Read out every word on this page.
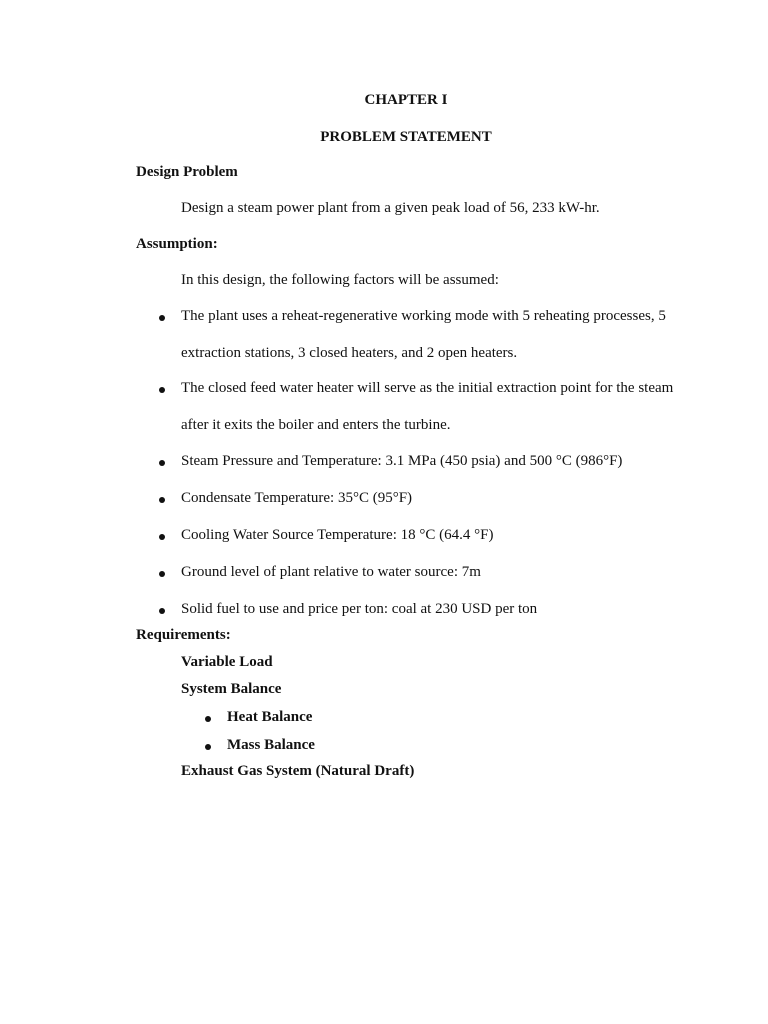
CHAPTER I
PROBLEM STATEMENT
Design Problem
Design a steam power plant from a given peak load of 56, 233 kW-hr.
Assumption:
In this design, the following factors will be assumed:
The plant uses a reheat-regenerative working mode with 5 reheating processes, 5
extraction stations, 3 closed heaters, and 2 open heaters.
The closed feed water heater will serve as the initial extraction point for the steam
after it exits the boiler and enters the turbine.
Steam Pressure and Temperature: 3.1 MPa (450 psia) and 500 °C (986°F)
Condensate Temperature: 35°C (95°F)
Cooling Water Source Temperature: 18 °C (64.4 °F)
Ground level of plant relative to water source: 7m
Solid fuel to use and price per ton: coal at 230 USD per ton
Requirements:
Variable Load
System Balance
Heat Balance
Mass Balance
Exhaust Gas System (Natural Draft)
